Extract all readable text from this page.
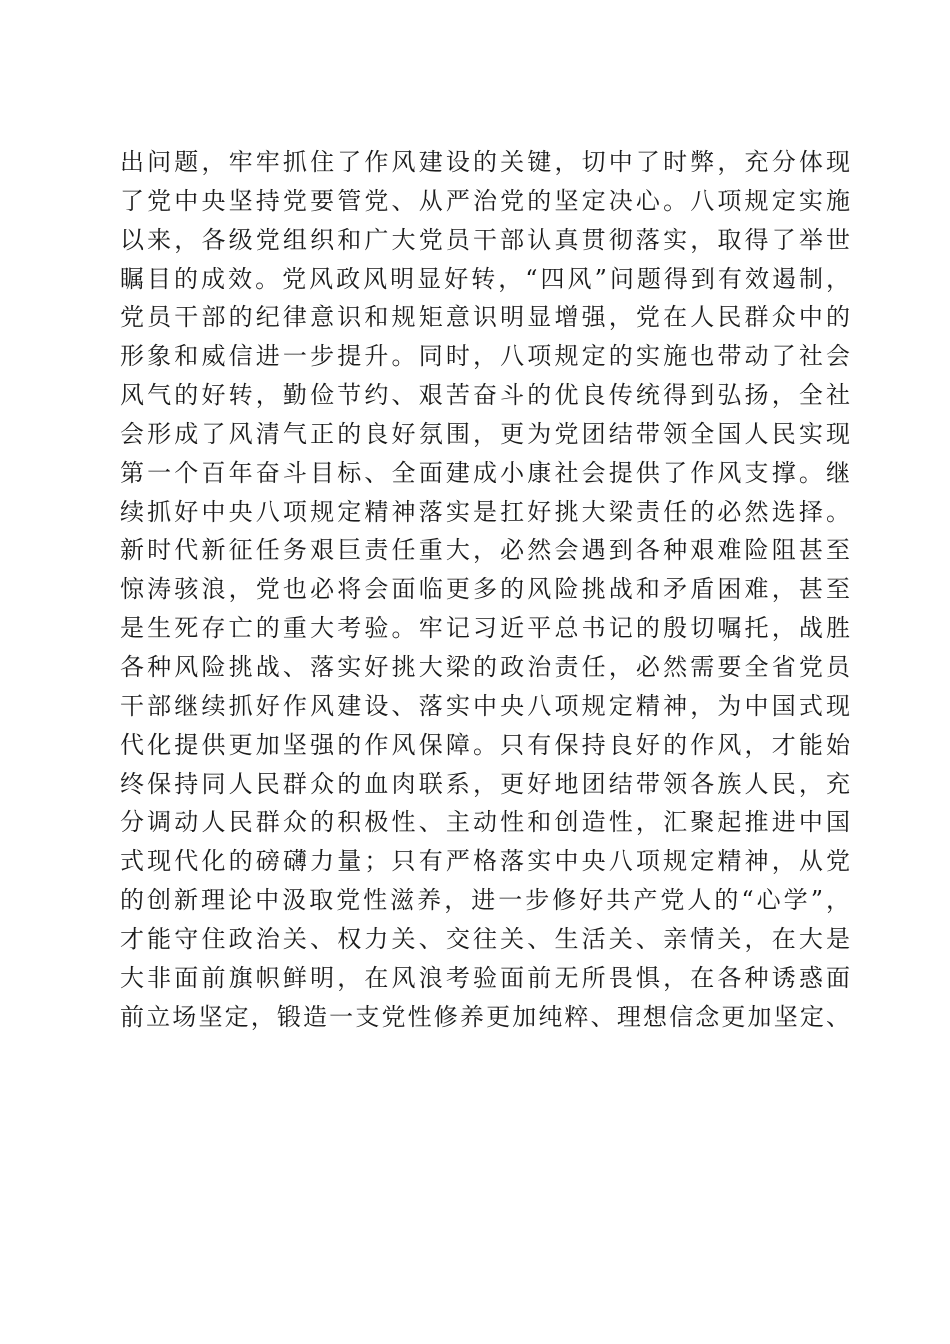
出问题，牢牢抓住了作风建设的关键，切中了时弊，充分体现
了党中央坚持党要管党、从严治党的坚定决心。八项规定实施
以来，各级党组织和广大党员干部认真贯彻落实，取得了举世
瞩目的成效。党风政风明显好转，“四风”问题得到有效遏制，
党员干部的纪律意识和规矩意识明显增强，党在人民群众中的
形象和威信进一步提升。同时，八项规定的实施也带动了社会
风气的好转，勤俭节约、艰苦奋斗的优良传统得到弘扬，全社
会形成了风清气正的良好氛围，更为党团结带领全国人民实现
第一个百年奋斗目标、全面建成小康社会提供了作风支撑。继
续抓好中央八项规定精神落实是扛好挑大梁责任的必然选择。
新时代新征任务艰巨责任重大，必然会遇到各种艰难险阻甚至
惊涛骇浪，党也必将会面临更多的风险挑战和矛盾困难，甚至
是生死存亡的重大考验。牢记习近平总书记的殷切嘱托，战胜
各种风险挑战、落实好挑大梁的政治责任，必然需要全省党员
干部继续抓好作风建设、落实中央八项规定精神，为中国式现
代化提供更加坚强的作风保障。只有保持良好的作风，才能始
终保持同人民群众的血肉联系，更好地团结带领各族人民，充
分调动人民群众的积极性、主动性和创造性，汇聚起推进中国
式现代化的磅礴力量；只有严格落实中央八项规定精神，从党
的创新理论中汲取党性滋养，进一步修好共产党人的“心学”，
才能守住政治关、权力关、交往关、生活关、亲情关，在大是
大非面前旗帜鲜明，在风浪考验面前无所畏惧，在各种诱惑面
前立场坚定，锻造一支党性修养更加纯粹、理想信念更加坚定、
